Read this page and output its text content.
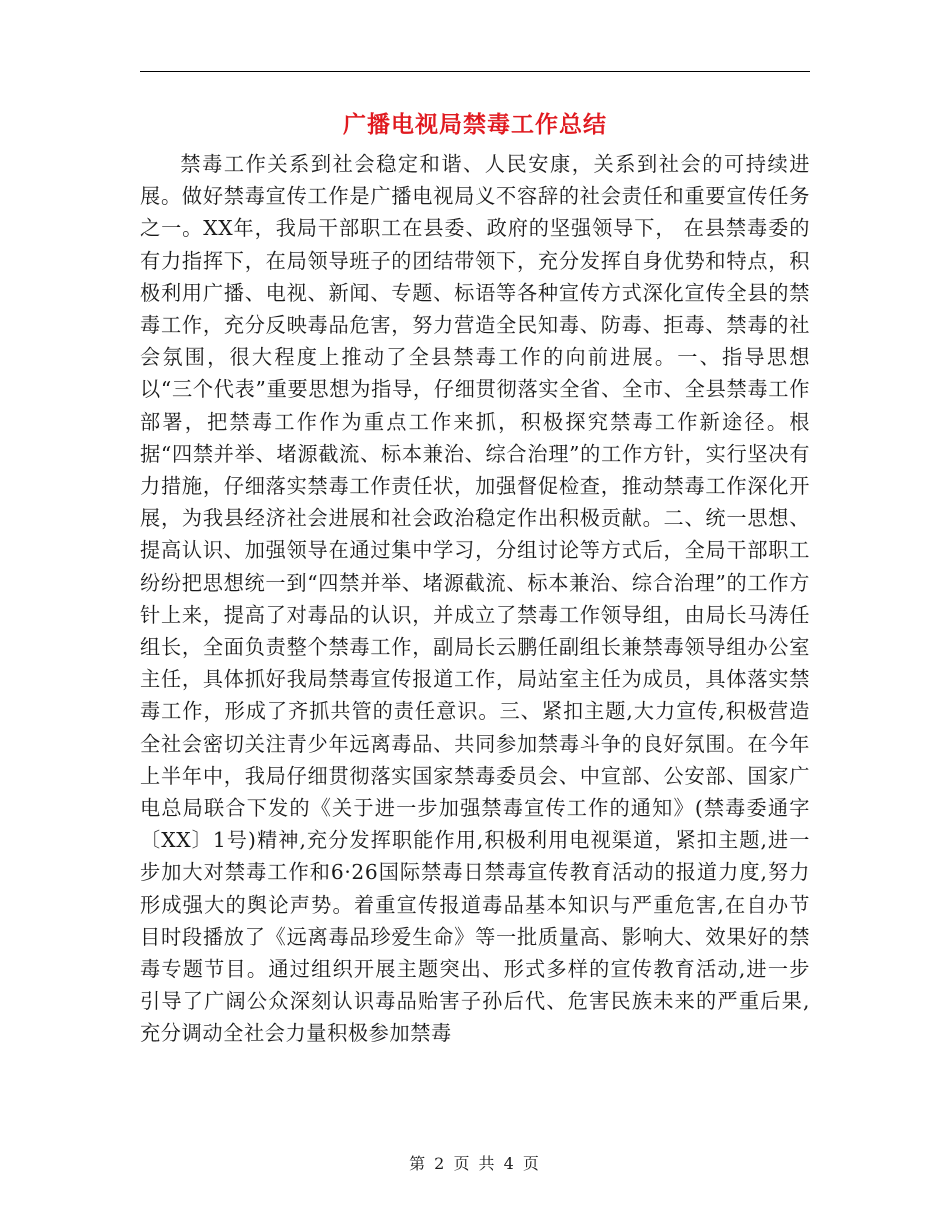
广播电视局禁毒工作总结

禁毒工作关系到社会稳定和谐、人民安康，关系到社会的可持续进展。做好禁毒宣传工作是广播电视局义不容辞的社会责任和重要宣传任务之一。XX年，我局干部职工在县委、政府的坚强领导下， 在县禁毒委的有力指挥下，在局领导班子的团结带领下，充分发挥自身优势和特点，积极利用广播、电视、新闻、专题、标语等各种宣传方式深化宣传全县的禁毒工作，充分反映毒品危害，努力营造全民知毒、防毒、拒毒、禁毒的社会氛围，很大程度上推动了全县禁毒工作的向前进展。一、指导思想以“三个代表”重要思想为指导，仔细贯彻落实全省、全市、全县禁毒工作部署，把禁毒工作作为重点工作来抓，积极探究禁毒工作新途径。根据“四禁并举、堵源截流、标本兼治、综合治理”的工作方针，实行坚决有力措施，仔细落实禁毒工作责任状，加强督促检查，推动禁毒工作深化开展，为我县经济社会进展和社会政治稳定作出积极贡献。二、统一思想、提高认识、加强领导在通过集中学习，分组讨论等方式后，全局干部职工纷纷把思想统一到“四禁并举、堵源截流、标本兼治、综合治理”的工作方针上来，提高了对毒品的认识，并成立了禁毒工作领导组，由局长马涛任组长，全面负责整个禁毒工作，副局长云鹏任副组长兼禁毒领导组办公室主任，具体抓好我局禁毒宣传报道工作，局站室主任为成员，具体落实禁毒工作，形成了齐抓共管的责任意识。三、紧扣主题,大力宣传,积极营造全社会密切关注青少年远离毒品、共同参加禁毒斗争的良好氛围。在今年上半年中，我局仔细贯彻落实国家禁毒委员会、中宣部、公安部、国家广电总局联合下发的《关于进一步加强禁毒宣传工作的通知》(禁毒委通字〔XX〕1号)精神,充分发挥职能作用,积极利用电视渠道，紧扣主题,进一步加大对禁毒工作和6·26国际禁毒日禁毒宣传教育活动的报道力度,努力形成强大的舆论声势。着重宣传报道毒品基本知识与严重危害,在自办节目时段播放了《远离毒品珍爱生命》等一批质量高、影响大、效果好的禁毒专题节目。通过组织开展主题突出、形式多样的宣传教育活动,进一步引导了广阔公众深刻认识毒品贻害子孙后代、危害民族未来的严重后果,充分调动全社会力量积极参加禁毒

第 2 页 共 4 页
